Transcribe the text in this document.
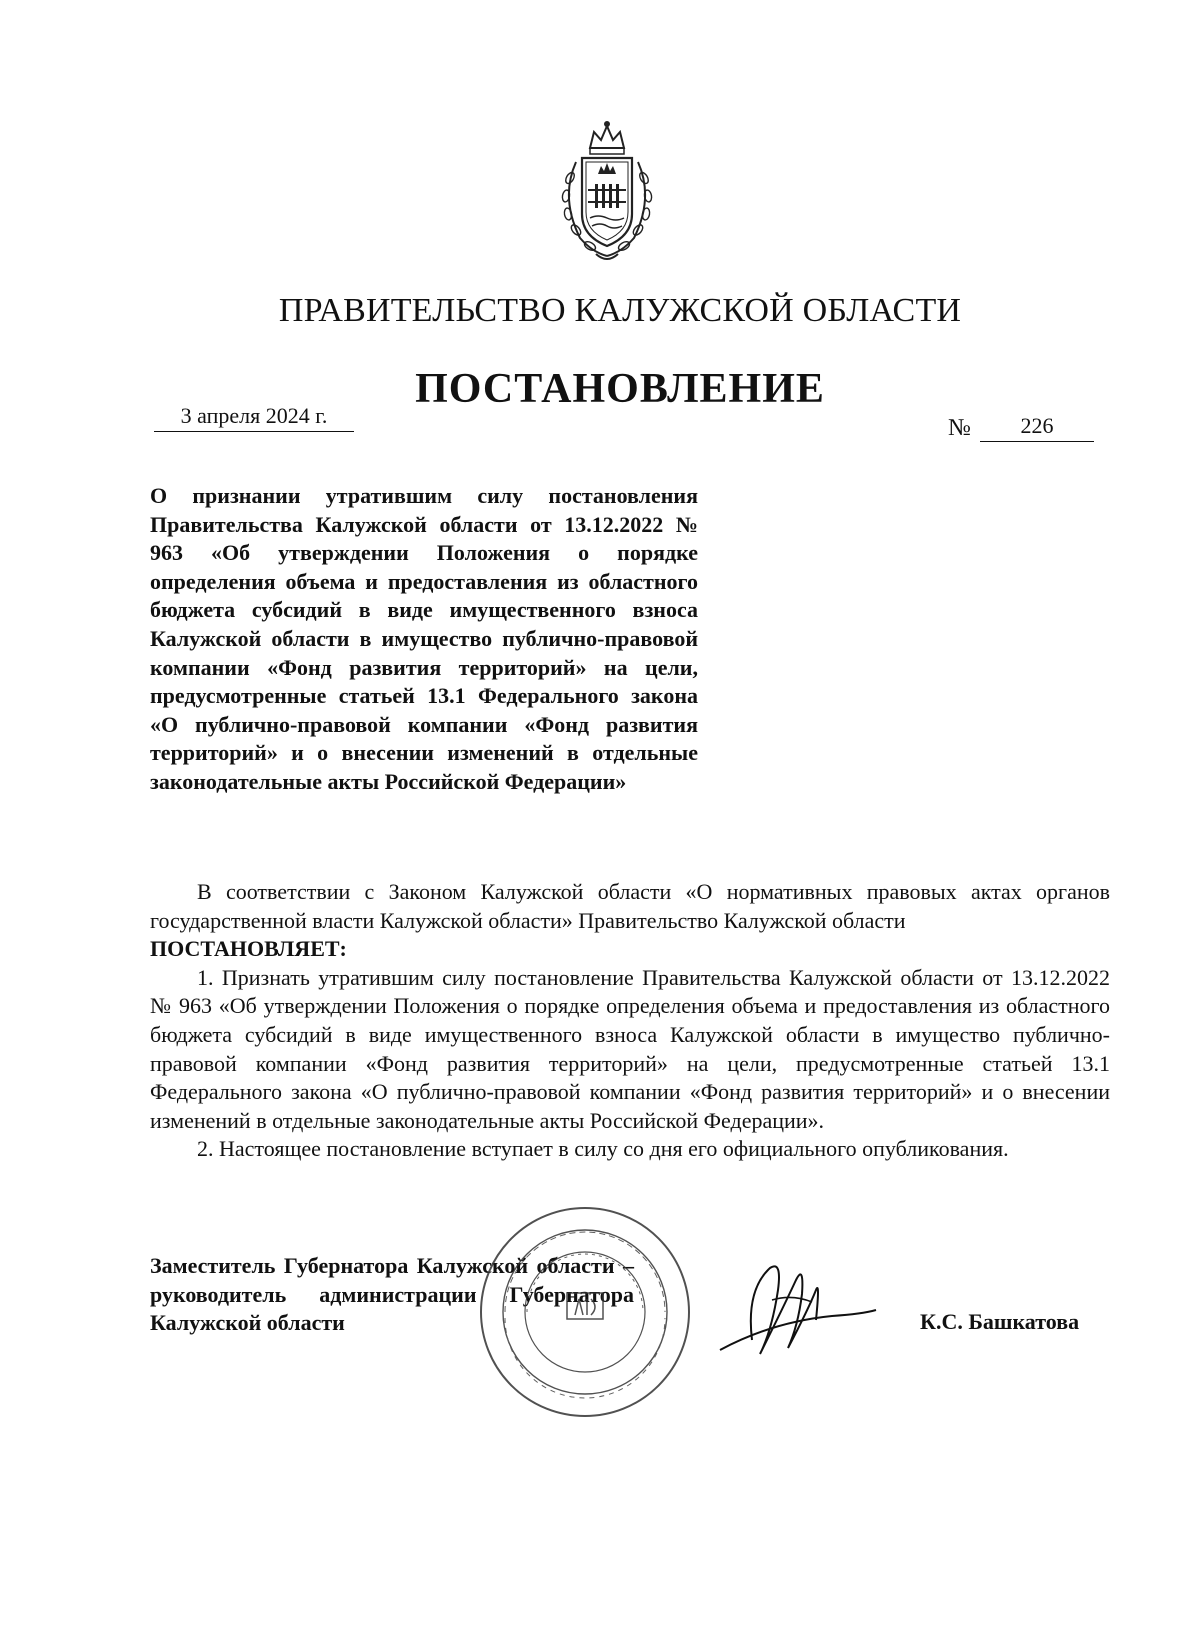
ПРАВИТЕЛЬСТВО КАЛУЖСКОЙ ОБЛАСТИ
ПОСТАНОВЛЕНИЕ
3 апреля 2024 г.	№	226
О признании утратившим силу постановления Правительства Калужской области от 13.12.2022 № 963 «Об утверждении Положения о порядке определения объема и предоставления из областного бюджета субсидий в виде имущественного взноса Калужской области в имущество публично-правовой компании «Фонд развития территорий» на цели, предусмотренные статьей 13.1 Федерального закона «О публично-правовой компании «Фонд развития территорий» и о внесении изменений в отдельные законодательные акты Российской Федерации»

В соответствии с Законом Калужской области «О нормативных правовых актах органов государственной власти Калужской области» Правительство Калужской области

ПОСТАНОВЛЯЕТ:

1. Признать утратившим силу постановление Правительства Калужской области от 13.12.2022 № 963 «Об утверждении Положения о порядке определения объема и предоставления из областного бюджета субсидий в виде имущественного взноса Калужской области в имущество публично-правовой компании «Фонд развития территорий» на цели, предусмотренные статьей 13.1 Федерального закона «О публично-правовой компании «Фонд развития территорий» и о внесении изменений в отдельные законодательные акты Российской Федерации».

2. Настоящее постановление вступает в силу со дня его официального опубликования.

Заместитель Губернатора Калужской области – руководитель администрации Губернатора Калужской области	К.С. Башкатова
